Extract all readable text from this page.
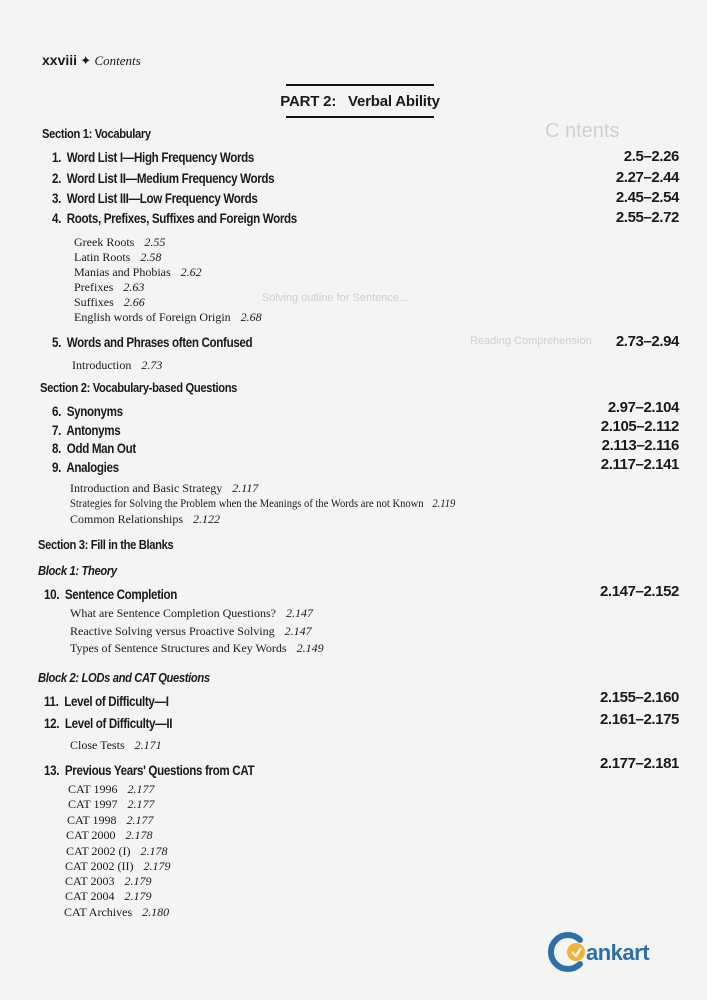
xxviii ✦ Contents
PART 2:
Verbal Ability
C ntents
Solving outline for Sentence...
Reading Comprehension
Section 1: Vocabulary
1. Word List I—High Frequency Words	2.5–2.26
2. Word List II—Medium Frequency Words	2.27–2.44
3. Word List III—Low Frequency Words	2.45–2.54
4. Roots, Prefixes, Suffixes and Foreign Words	2.55–2.72
Greek Roots 2.55
Latin Roots 2.58
Manias and Phobias 2.62
Prefixes 2.63
Suffixes 2.66
English words of Foreign Origin 2.68
5. Words and Phrases often Confused	2.73–2.94
Introduction 2.73
Section 2: Vocabulary-based Questions
6. Synonyms	2.97–2.104
7. Antonyms	2.105–2.112
8. Odd Man Out	2.113–2.116
9. Analogies	2.117–2.141
Introduction and Basic Strategy 2.117
Strategies for Solving the Problem when the Meanings of the Words are not Known 2.119
Common Relationships 2.122
Section 3: Fill in the Blanks
Block 1: Theory
10. Sentence Completion	2.147–2.152
What are Sentence Completion Questions? 2.147
Reactive Solving versus Proactive Solving 2.147
Types of Sentence Structures and Key Words 2.149
Block 2: LODs and CAT Questions
11. Level of Difficulty—I	2.155–2.160
12. Level of Difficulty—II	2.161–2.175
Close Tests 2.171
13. Previous Years' Questions from CAT	2.177–2.181
CAT 1996 2.177
CAT 1997 2.177
CAT 1998 2.177
CAT 2000 2.178
CAT 2002 (I) 2.178
CAT 2002 (II) 2.179
CAT 2003 2.179
CAT 2004 2.179
CAT Archives 2.180
ankart
